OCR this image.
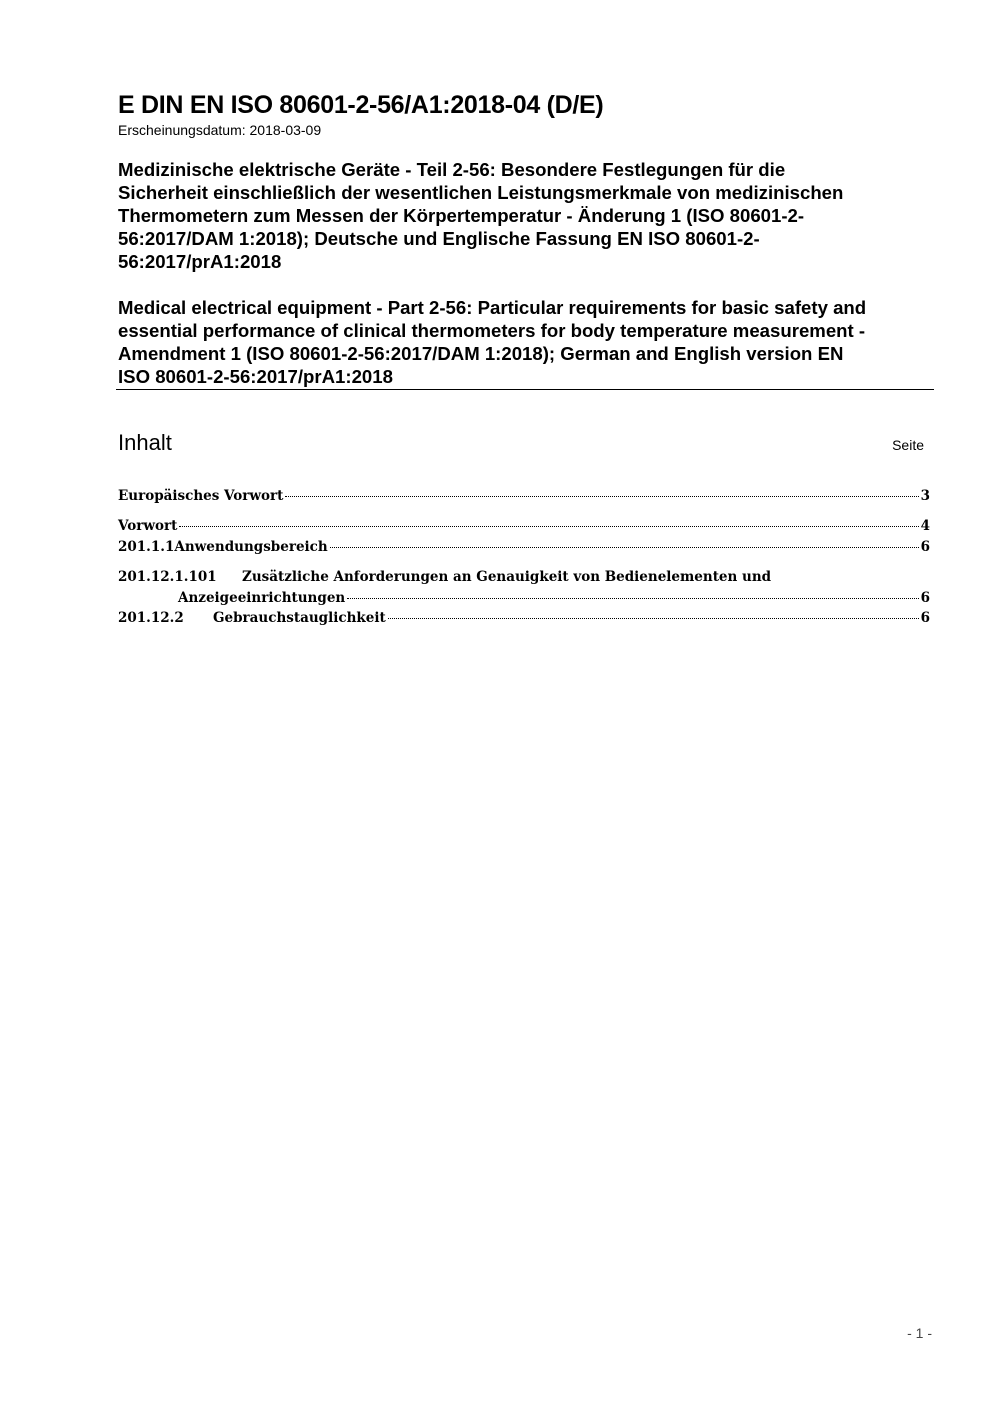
E DIN EN ISO 80601-2-56/A1:2018-04 (D/E)
Erscheinungsdatum: 2018-03-09
Medizinische elektrische Geräte - Teil 2-56: Besondere Festlegungen für die
Sicherheit einschließlich der wesentlichen Leistungsmerkmale von medizinischen
Thermometern zum Messen der Körpertemperatur - Änderung 1 (ISO 80601-2-
56:2017/DAM 1:2018); Deutsche und Englische Fassung EN ISO 80601-2-
56:2017/prA1:2018
Medical electrical equipment - Part 2-56: Particular requirements for basic safety and
essential performance of clinical thermometers for body temperature measurement -
Amendment 1 (ISO 80601-2-56:2017/DAM 1:2018); German and English version EN
ISO 80601-2-56:2017/prA1:2018
Inhalt	Seite
Europäisches Vorwort	3
Vorwort	4
201.1.1 Anwendungsbereich	6
201.12.1.101 Zusätzliche Anforderungen an Genauigkeit von Bedienelementen und
Anzeigeeinrichtungen	6
201.12.2	Gebrauchstauglichkeit	6
- 1 -
